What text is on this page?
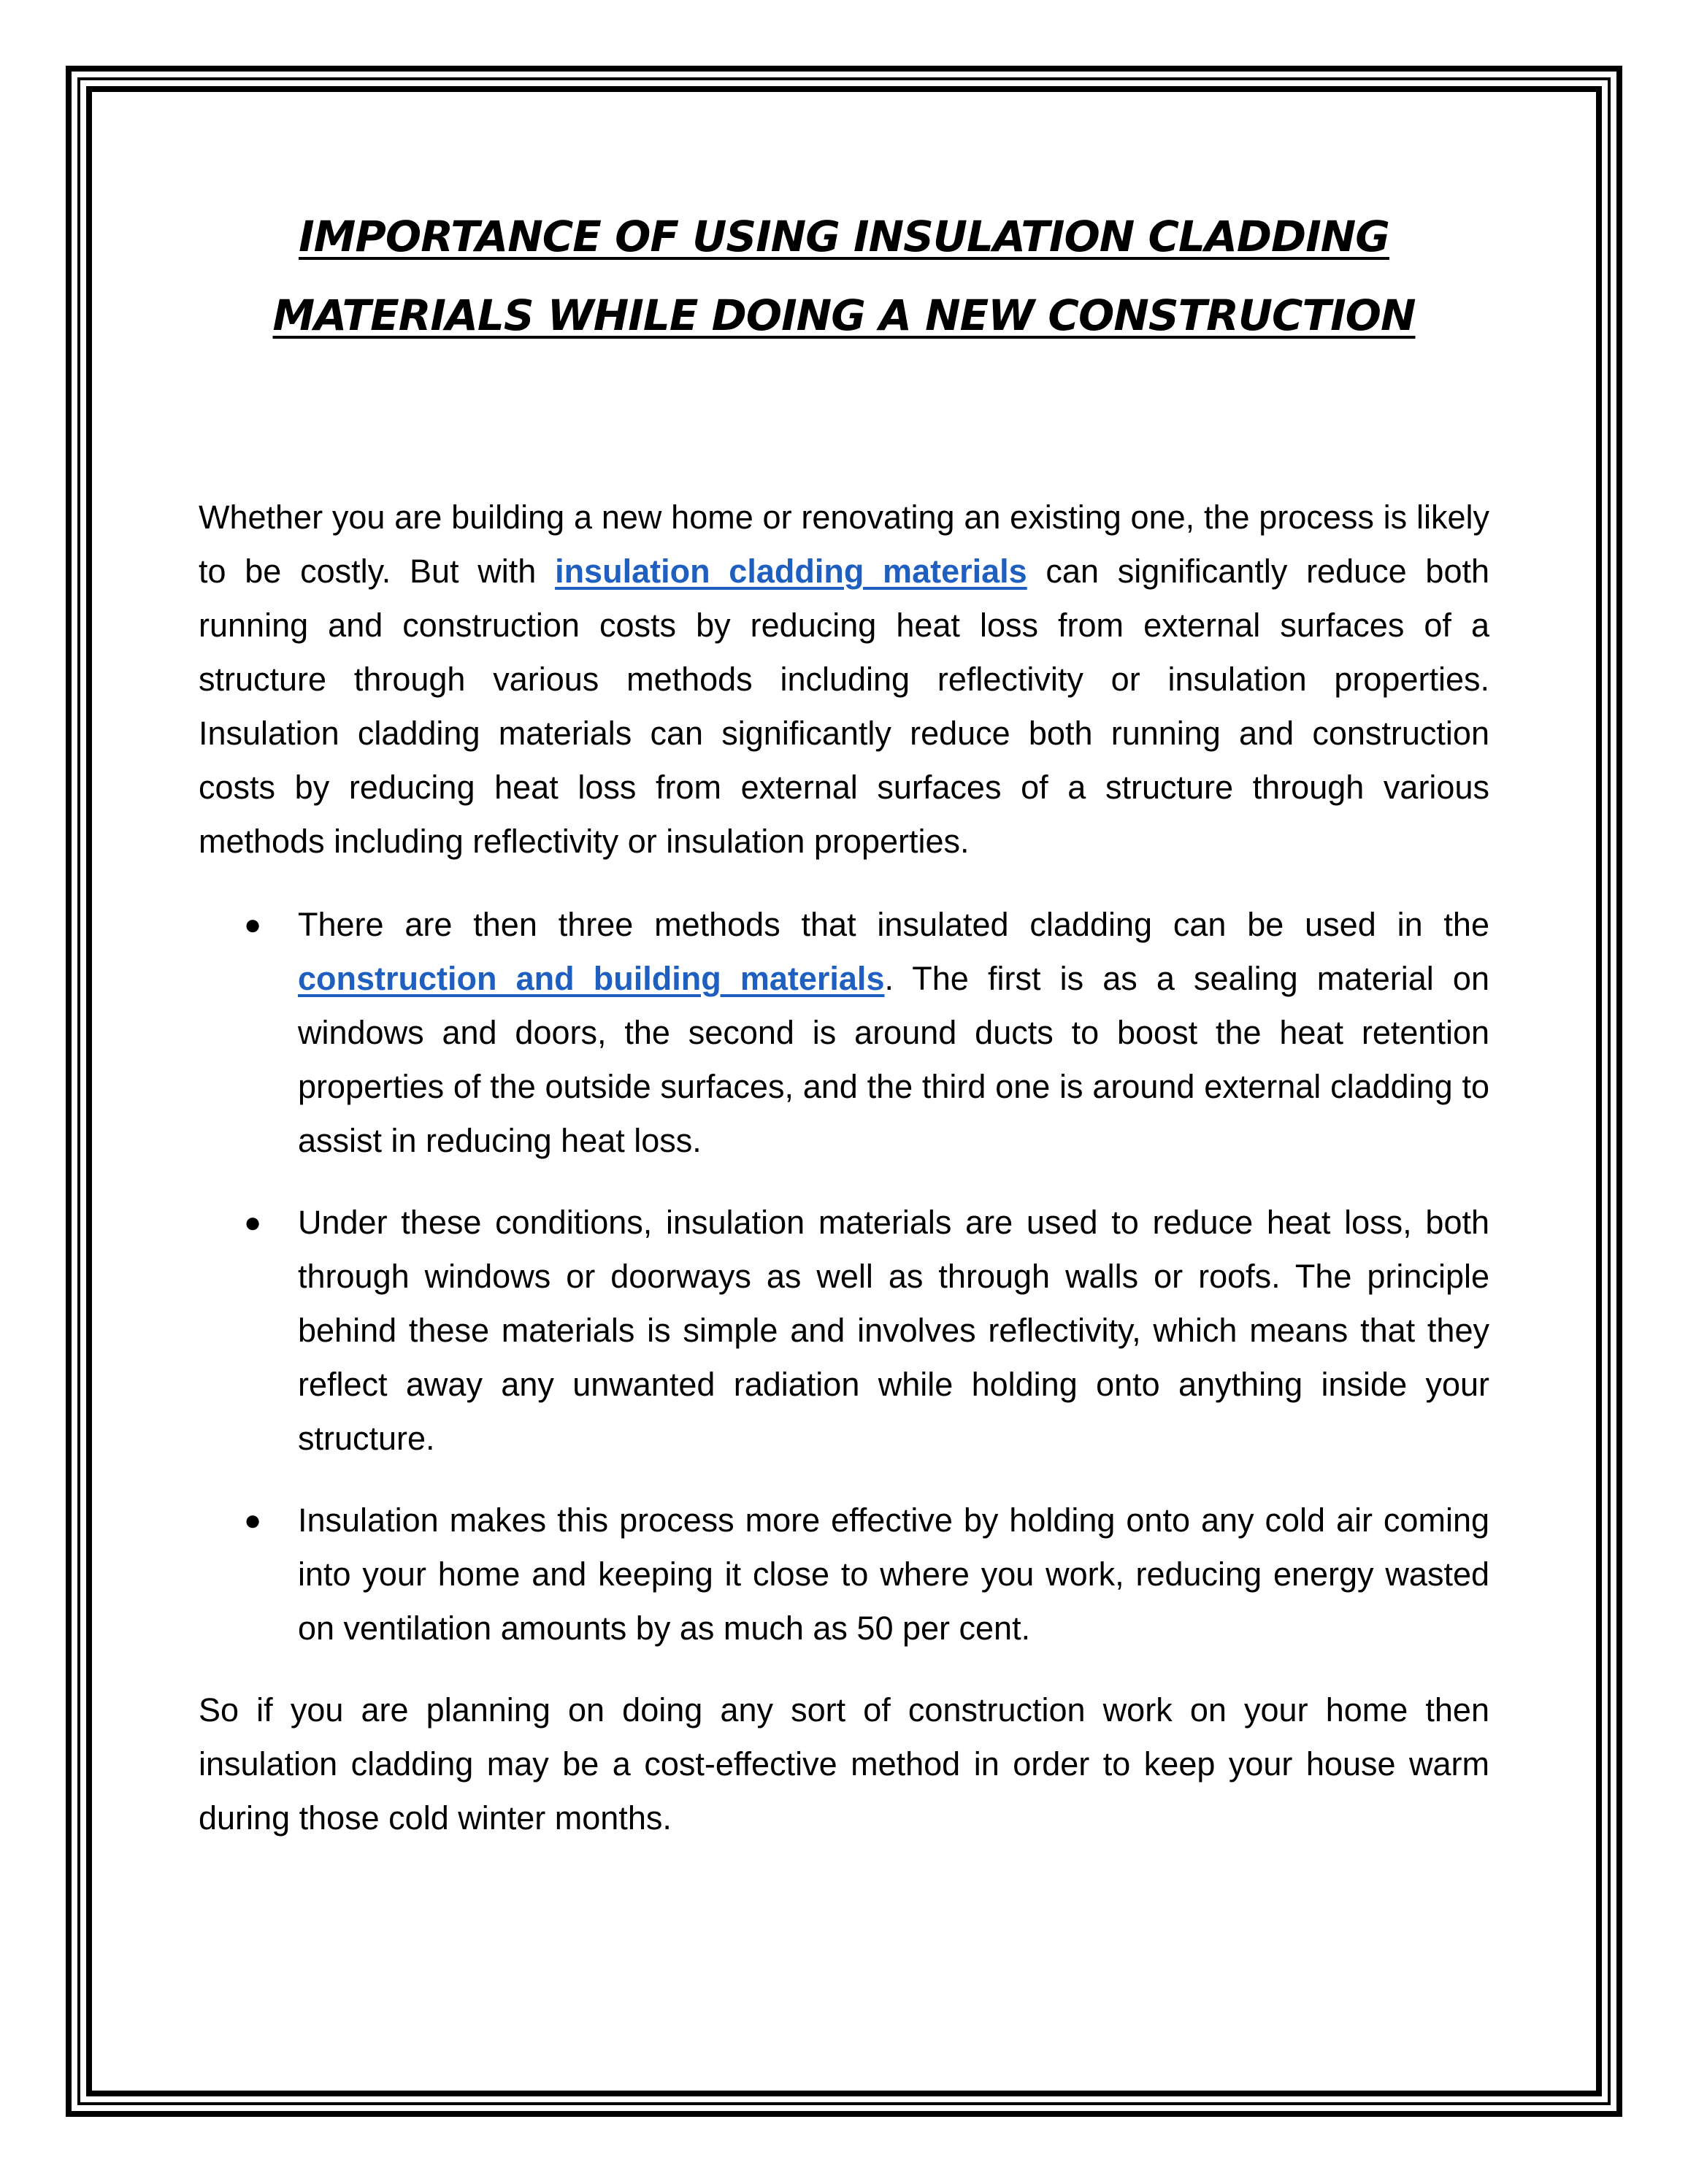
IMPORTANCE OF USING INSULATION CLADDING
MATERIALS WHILE DOING A NEW CONSTRUCTION

Whether you are building a new home or renovating an existing one, the process is likely to be costly. But with insulation cladding materials can significantly reduce both running and construction costs by reducing heat loss from external surfaces of a structure through various methods including reflectivity or insulation properties. Insulation cladding materials can significantly reduce both running and construction costs by reducing heat loss from external surfaces of a structure through various methods including reflectivity or insulation properties.

● There are then three methods that insulated cladding can be used in the construction and building materials. The first is as a sealing material on windows and doors, the second is around ducts to boost the heat retention properties of the outside surfaces, and the third one is around external cladding to assist in reducing heat loss.
● Under these conditions, insulation materials are used to reduce heat loss, both through windows or doorways as well as through walls or roofs. The principle behind these materials is simple and involves reflectivity, which means that they reflect away any unwanted radiation while holding onto anything inside your structure.
● Insulation makes this process more effective by holding onto any cold air coming into your home and keeping it close to where you work, reducing energy wasted on ventilation amounts by as much as 50 per cent.

So if you are planning on doing any sort of construction work on your home then insulation cladding may be a cost-effective method in order to keep your house warm during those cold winter months.
